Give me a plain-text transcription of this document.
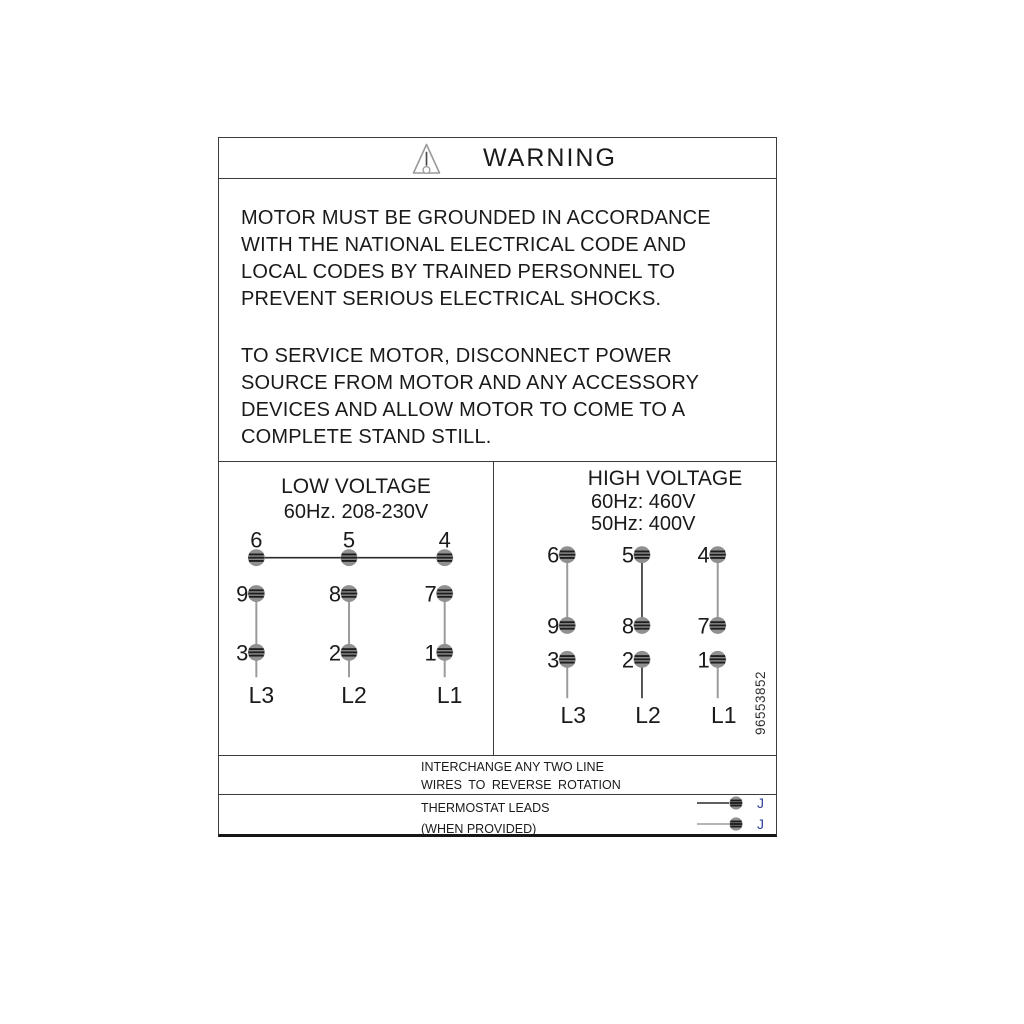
WARNING
MOTOR MUST BE GROUNDED IN ACCORDANCE
WITH THE NATIONAL ELECTRICAL CODE AND
LOCAL CODES BY TRAINED PERSONNEL TO
PREVENT SERIOUS ELECTRICAL SHOCKS.
TO SERVICE MOTOR, DISCONNECT POWER
SOURCE FROM MOTOR AND ANY ACCESSORY
DEVICES AND ALLOW MOTOR TO COME TO A
COMPLETE STAND STILL.
LOW VOLTAGE
60Hz. 208-230V
6	5	4
9	8	7
3	2	1
L3	L2	L1
HIGH VOLTAGE
60Hz: 460V
50Hz: 400V
6	5	4
9	8	7
3	2	1
L3 L2 L1 96553852
INTERCHANGE ANY TWO LINE
WIRES TO REVERSE ROTATION
THERMOSTAT LEADS
(WHEN PROVIDED)
J
J
